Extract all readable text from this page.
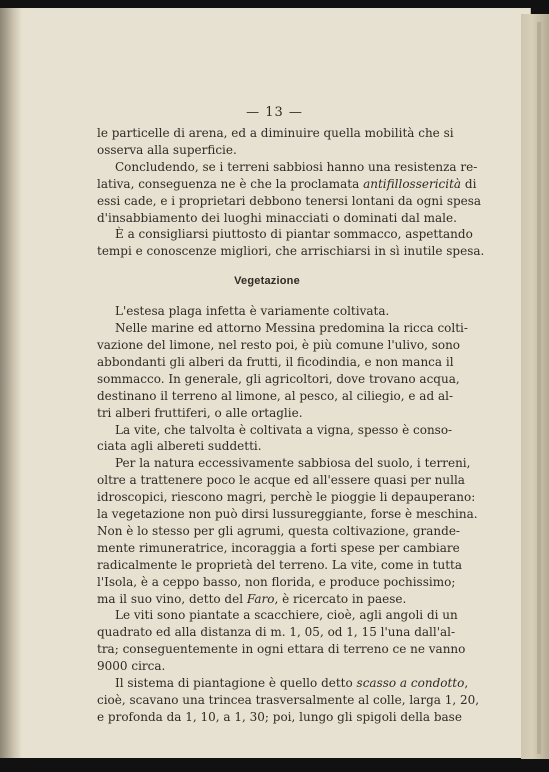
— 13 —
le particelle di arena, ed a diminuire quella mobilità che si
osserva alla superficie.
Concludendo, se i terreni sabbiosi hanno una resistenza re-
lativa, conseguenza ne è che la proclamata antifillossericità
essi cade, e i proprietari debbono tenersi lontani da ogni spesa
d'insabbiamento dei luoghi minacciati o dominati dal male.
È a consigliarsi piuttosto di piantar sommacco, aspettando
tempi e conoscenze migliori, che arrischiarsi in sì inutile spesa.
Vegetazione
L'estesa plaga infetta è variamente coltivata.
Nelle marine ed attorno Messina predomina la ricca colti-
vazione del limone, nel resto poi, è più comune l'ulivo, sono
abbondanti gli alberi da frutti, il ficodindia, e non manca il
sommacco. In generale, gli agricoltori, dove trovano acqua,
destinano il terreno al limone, al pesco, al ciliegio, e ad al-
tri alberi fruttiferi, o alle ortaglie.
La vite, che talvolta è coltivata a vigna, spesso è conso-
ciata agli albereti suddetti.
Per la natura eccessivamente sabbiosa del suolo, i terreni,
oltre a trattenere poco le acque ed all'essere quasi per nulla
idroscopici, riescono magri, perchè le pioggie li depauperano:
la vegetazione non può dirsi lussureggiante, forse è meschina.
Non è lo stesso per gli agrumi, questa coltivazione, grande-
mente rimuneratrice, incoraggia a forti spese per cambiare
radicalmente le proprietà del terreno. La vite, come in tutta
l'Isola, è a ceppo basso, non florida, e produce pochissimo;
ma il suo vino, detto del Faro, è ricercato in paese.
Le viti sono piantate a scacchiere, cioè, agli angoli di un
quadrato ed alla distanza di m. 1, 05, od 1, 15 l'una dall'al-
tra; conseguentemente in ogni ettara di terreno ce ne vanno
9000 circa.
Il sistema di piantagione è quello detto scasso a condotto
cioè, scavano una trincea trasversalmente al colle, larga 1, 20,
e profonda da 1, 10, a 1, 30; poi, lungo gli spigoli della base
